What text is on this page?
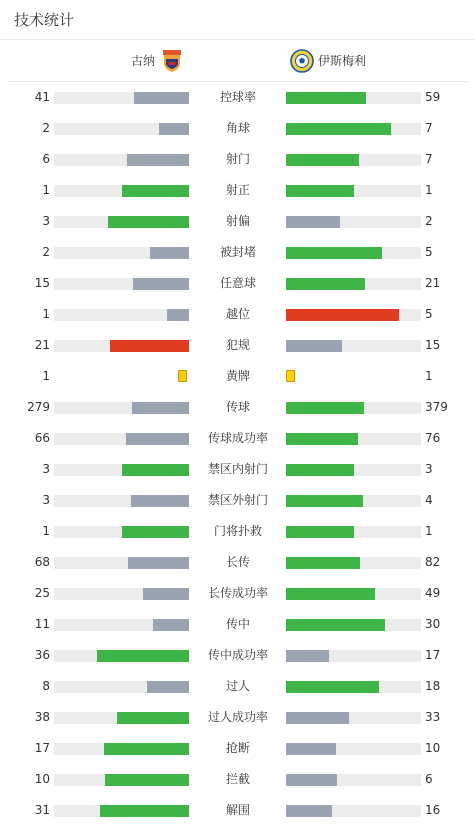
技术统计
古纳	伊斯梅利
41	控球率	59
2	角球	7
6	射门	7
1	射正	1
3	射偏	2
2	被封堵	5
15	任意球	21
1	越位	5
21	犯规	15
1	黄牌	1
279	传球	379
66	传球成功率	76
3	禁区内射门	3
3	禁区外射门	4
1	门将扑救	1
68	长传	82
25	长传成功率	49
11	传中	30
36	传中成功率	17
8	过人	18
38	过人成功率	33
17	抢断	10
10	拦截	6
31	解围	16
